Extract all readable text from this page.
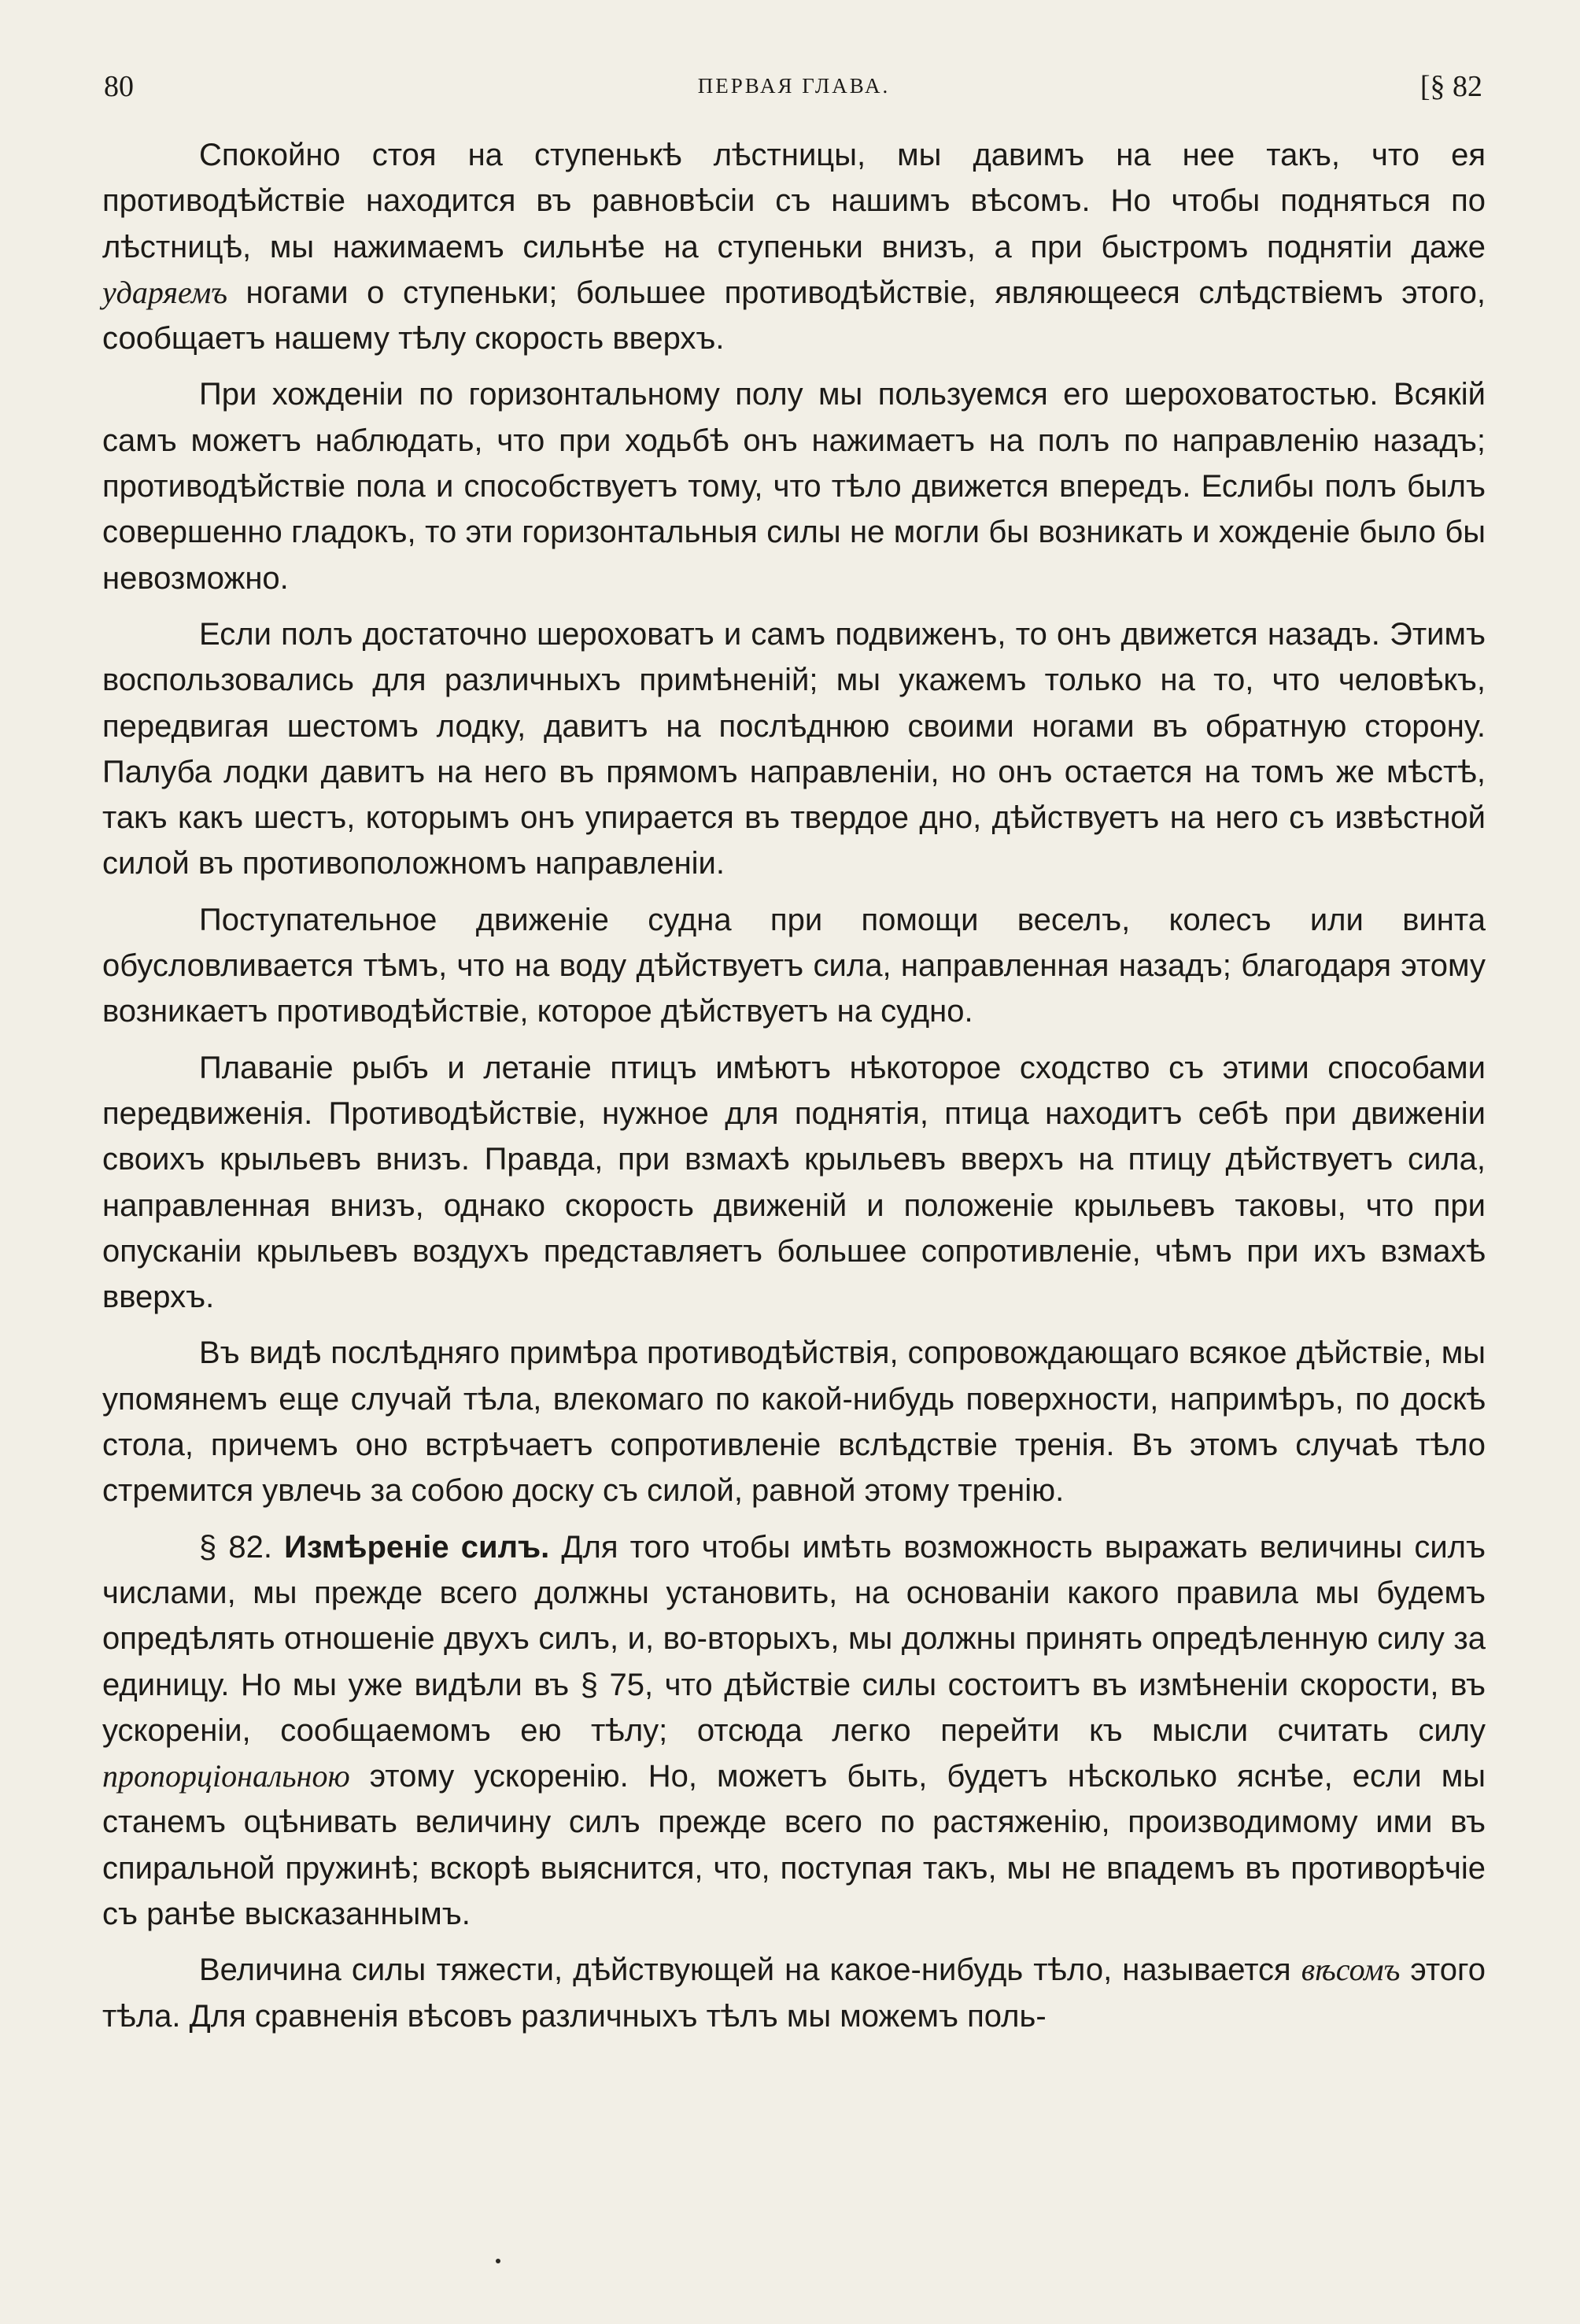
80	ПЕРВАЯ ГЛАВА.	[§ 82

Спокойно стоя на ступенькѣ лѣстницы, мы давимъ на нее такъ, что ея противодѣйствіе находится въ равновѣсіи съ нашимъ вѣсомъ. Но чтобы подняться по лѣстницѣ, мы нажимаемъ сильнѣе на ступеньки внизъ, а при быстромъ поднятіи даже ударяемъ ногами о ступеньки; большее противодѣйствіе, являющееся слѣдствіемъ этого, сообщаетъ нашему тѣлу скорость вверхъ.

При хожденіи по горизонтальному полу мы пользуемся его шероховатостью. Всякій самъ можетъ наблюдать, что при ходьбѣ онъ нажимаетъ на полъ по направленію назадъ; противодѣйствіе пола и способствуетъ тому, что тѣло движется впередъ. Еслибы полъ былъ совершенно гладокъ, то эти горизонтальныя силы не могли бы возникать и хожденіе было бы невозможно.

Если полъ достаточно шероховатъ и самъ подвиженъ, то онъ движется назадъ. Этимъ воспользовались для различныхъ примѣненій; мы укажемъ только на то, что человѣкъ, передвигая шестомъ лодку, давитъ на послѣднюю своими ногами въ обратную сторону. Палуба лодки давитъ на него въ прямомъ направленіи, но онъ остается на томъ же мѣстѣ, такъ какъ шестъ, которымъ онъ упирается въ твердое дно, дѣйствуетъ на него съ извѣстной силой въ противоположномъ направленіи.

Поступательное движеніе судна при помощи веселъ, колесъ или винта обусловливается тѣмъ, что на воду дѣйствуетъ сила, направленная назадъ; благодаря этому возникаетъ противодѣйствіе, которое дѣйствуетъ на судно.

Плаваніе рыбъ и летаніе птицъ имѣютъ нѣкоторое сходство съ этими способами передвиженія. Противодѣйствіе, нужное для поднятія, птица находитъ себѣ при движеніи своихъ крыльевъ внизъ. Правда, при взмахѣ крыльевъ вверхъ на птицу дѣйствуетъ сила, направленная внизъ, однако скорость движеній и положеніе крыльевъ таковы, что при опусканіи крыльевъ воздухъ представляетъ большее сопротивленіе, чѣмъ при ихъ взмахѣ вверхъ.

Въ видѣ послѣдняго примѣра противодѣйствія, сопровождающаго всякое дѣйствіе, мы упомянемъ еще случай тѣла, влекомаго по какой-нибудь поверхности, напримѣръ, по доскѣ стола, причемъ оно встрѣчаетъ сопротивленіе вслѣдствіе тренія. Въ этомъ случаѣ тѣло стремится увлечь за собою доску съ силой, равной этому тренію.

§ 82. Измѣреніе силъ. Для того чтобы имѣть возможность выражать величины силъ числами, мы прежде всего должны установить, на основаніи какого правила мы будемъ опредѣлять отношеніе двухъ силъ, и, во-вторыхъ, мы должны принять опредѣленную силу за единицу. Но мы уже видѣли въ § 75, что дѣйствіе силы состоитъ въ измѣненіи скорости, въ ускореніи, сообщаемомъ ею тѣлу; отсюда легко перейти къ мысли считать силу пропорціональною этому ускоренію. Но, можетъ быть, будетъ нѣсколько яснѣе, если мы станемъ оцѣнивать величину силъ прежде всего по растяженію, производимому ими въ спиральной пружинѣ; вскорѣ выяснится, что, поступая такъ, мы не впадемъ въ противорѣчіе съ ранѣе высказаннымъ.

Величина силы тяжести, дѣйствующей на какое-нибудь тѣло, называется вѣсомъ этого тѣла. Для сравненія вѣсовъ различныхъ тѣлъ мы можемъ поль-
